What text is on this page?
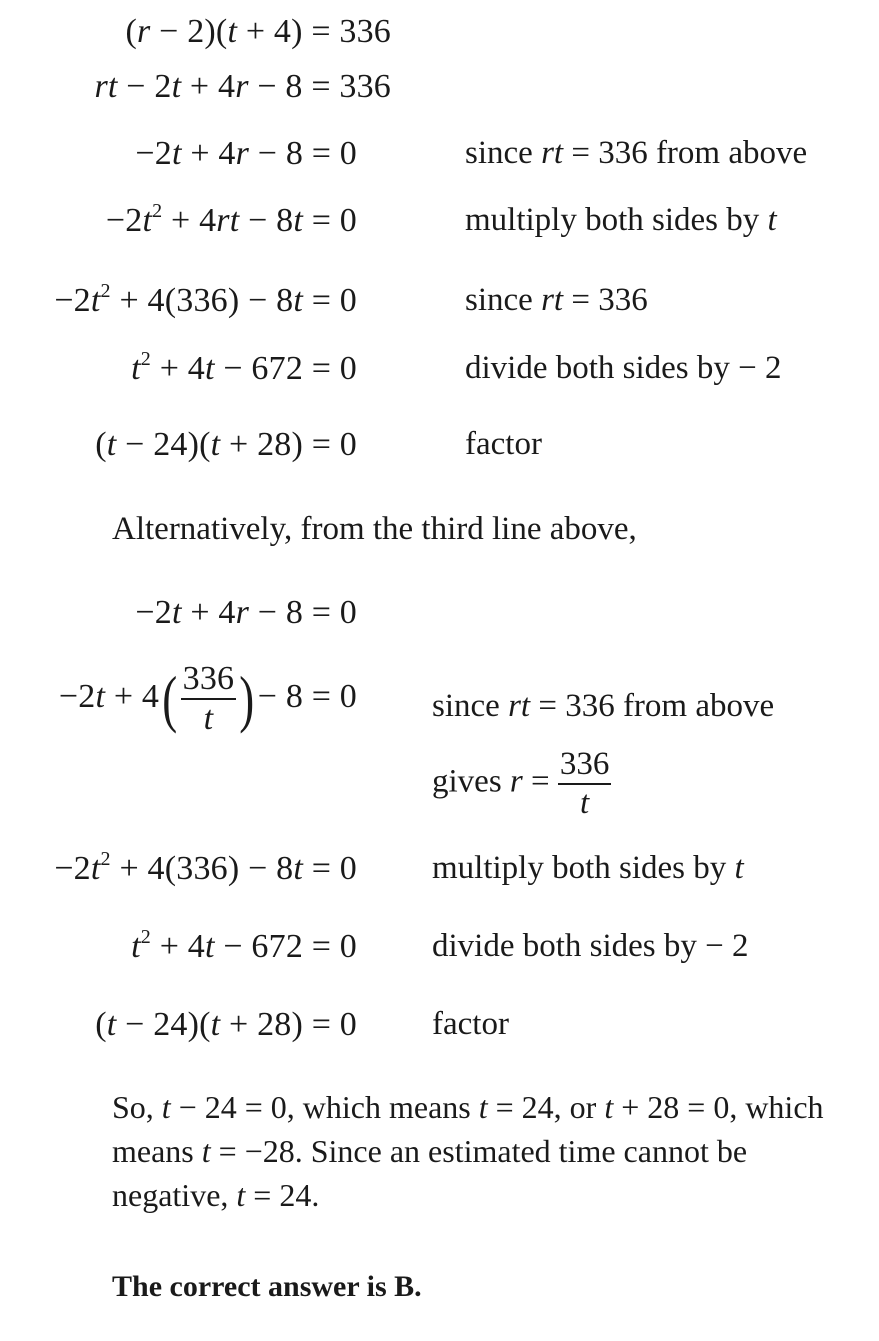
(r − 2)(t + 4) = 336
rt − 2t + 4r − 8 = 336
−2t + 4r − 8 = 0	since rt = 336 from above
$-2t^2 + 4rt - 8t = 0$	multiply both sides by t
$-2t^2 + 4(336) - 8t = 0$	since rt = 336
$t^2 + 4t - 672 = 0$	divide both sides by − 2
(t − 24)(t + 28) = 0	factor
Alternatively, from the third line above,
−2t + 4r − 8 = 0
$-2t + 4( \frac{336}{t}$ )− 8 = 0 since rt = 336 from above
gives $r = \frac{336}{t}$
$-2t^2 + 4(336) - 8t = 0$ multiply both sides by t
$t^2 + 4t - 672 = 0$ divide both sides by − 2
(t − 24)(t + 28) = 0 factor
So, t − 24 = 0, which means t = 24, or t + 28 = 0, which means t = −28. Since an estimated time cannot be negative, t = 24.
The correct answer is B.
